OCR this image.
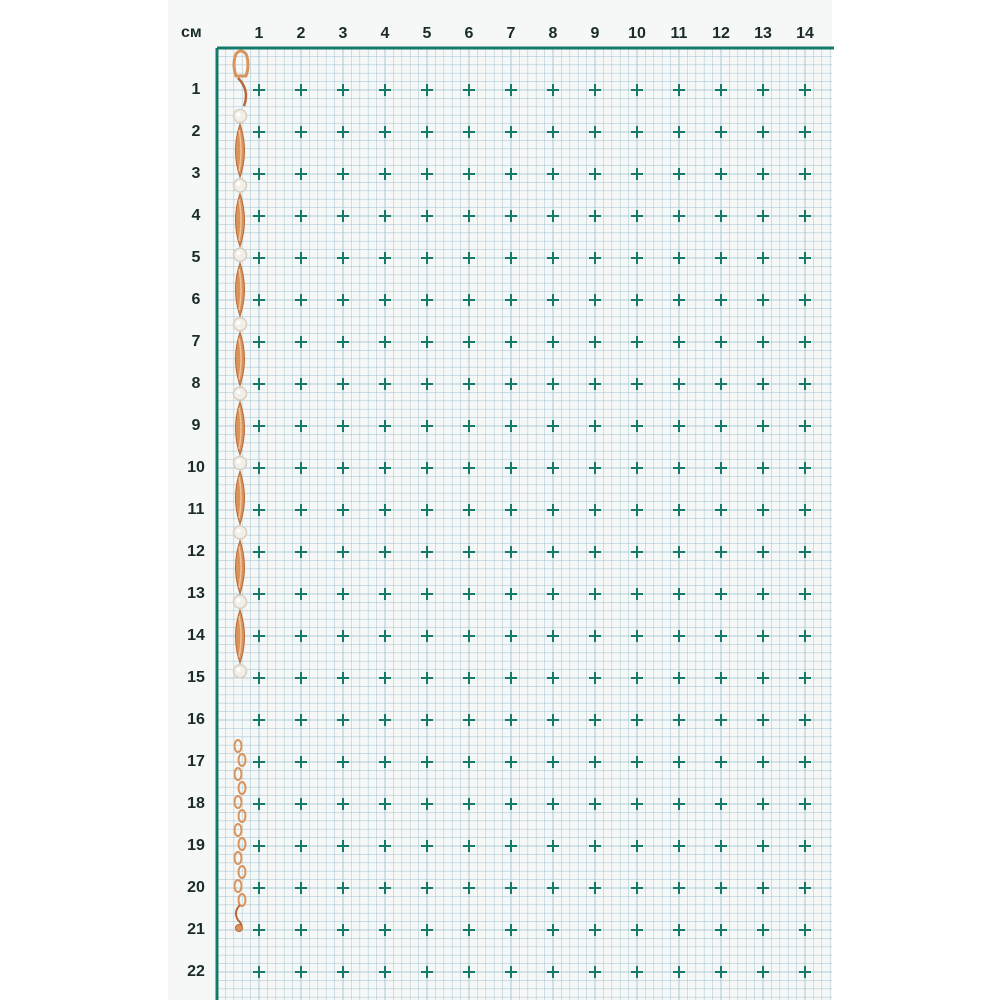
см	1	2	3	4	5	6	7	8	9	10	11	12	13	14
1
2
3
4
5
6
7
8
9
10
11
12
13
14
15
16
17
18
19
20
21
22
